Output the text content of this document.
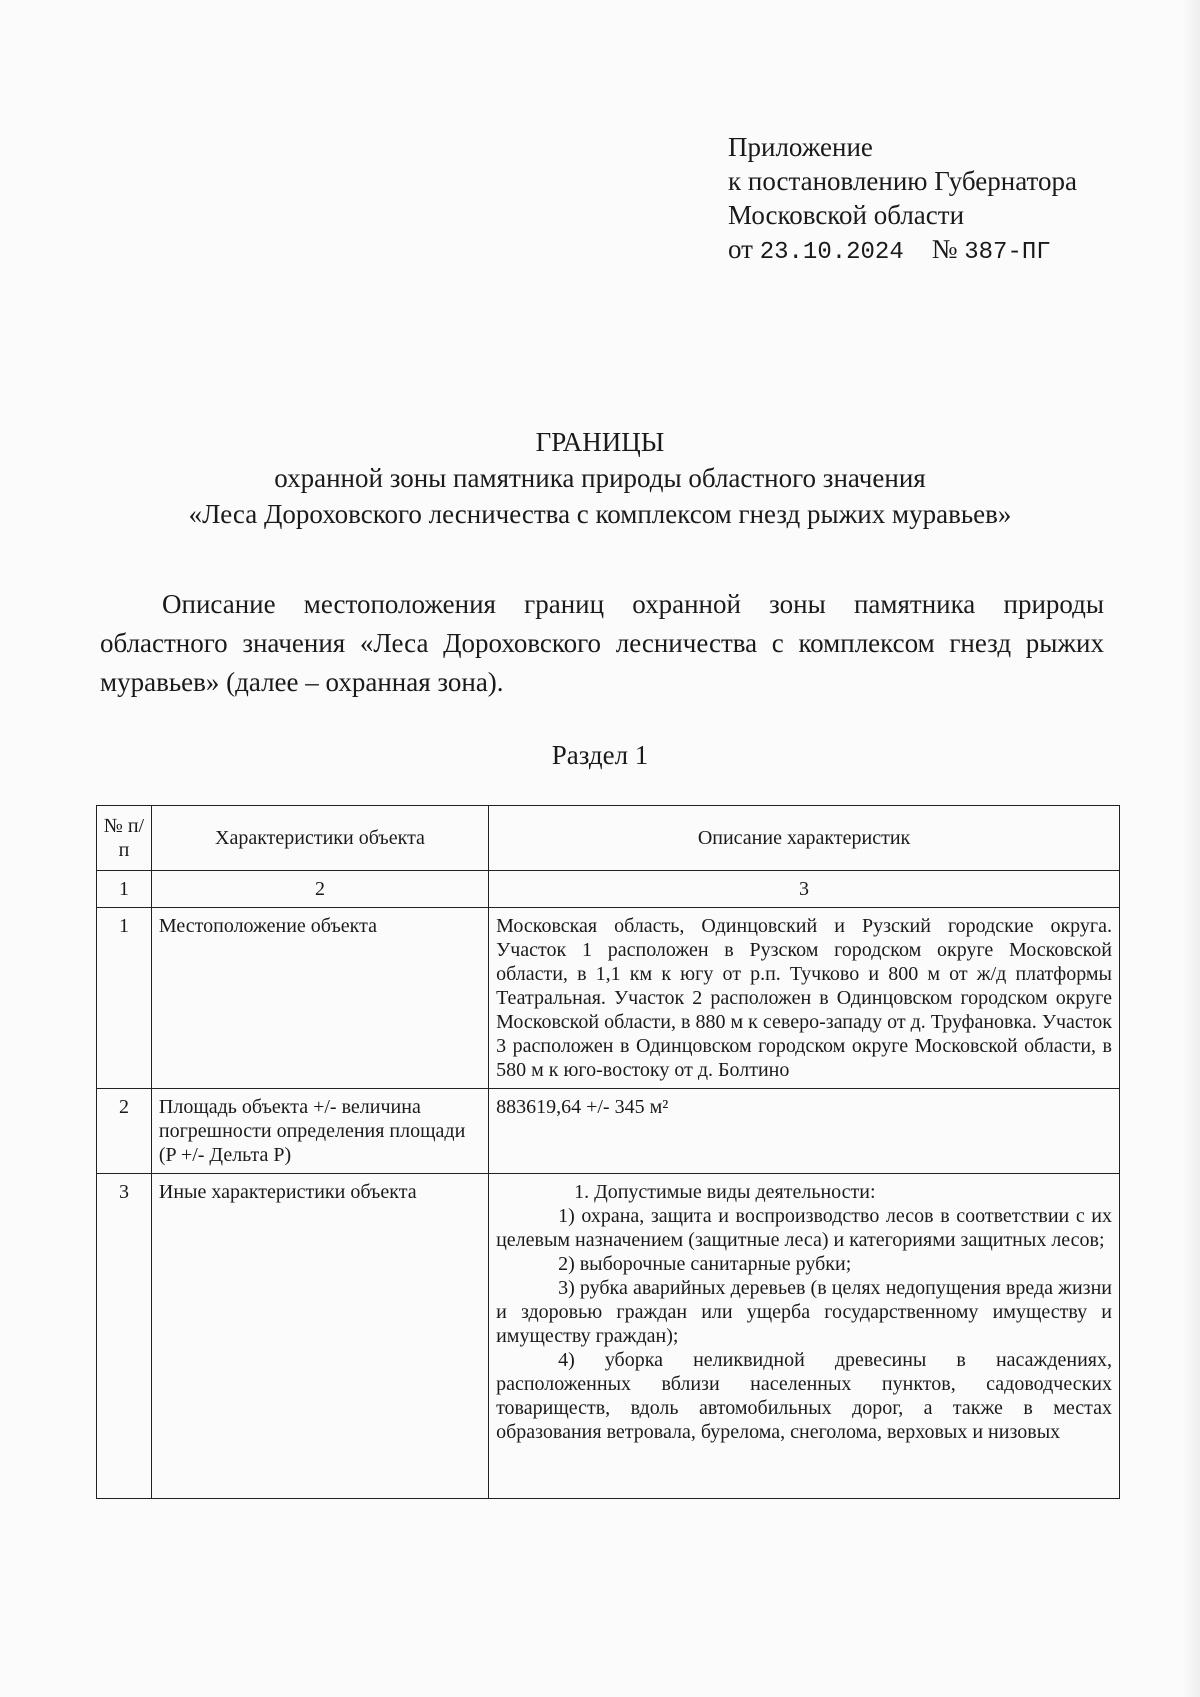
Приложение
к постановлению Губернатора
Московской области
от 23.10.2024 № 387-ПГ
ГРАНИЦЫ
охранной зоны памятника природы областного значения
«Леса Дороховского лесничества с комплексом гнезд рыжих муравьев»
Описание местоположения границ охранной зоны памятника природы областного значения «Леса Дороховского лесничества с комплексом гнезд рыжих муравьев» (далее – охранная зона).
Раздел 1
№ п/п	Характеристики объекта	Описание характеристик
1	2	3
1	Местоположение объекта	Московская область, Одинцовский и Рузский городские округа. Участок 1 расположен в Рузском городском округе Московской области, в 1,1 км к югу от р.п. Тучково и 800 м от ж/д платформы Театральная. Участок 2 расположен в Одинцовском городском округе Московской области, в 880 м к северо-западу от д. Труфановка. Участок 3 расположен в Одинцовском городском округе Московской области, в 580 м к юго-востоку от д. Болтино
2	Площадь объекта +/- величина погрешности определения площади (P +/- Дельта P)	883619,64 +/- 345 м²
3	Иные характеристики объекта	1. Допустимые виды деятельности:
1) охрана, защита и воспроизводство лесов в соответствии с их целевым назначением (защитные леса) и категориями защитных лесов;
2) выборочные санитарные рубки;
3) рубка аварийных деревьев (в целях недопущения вреда жизни и здоровью граждан или ущерба государственному имуществу и имуществу граждан);
4) уборка неликвидной древесины в насаждениях, расположенных вблизи населенных пунктов, садоводческих товариществ, вдоль автомобильных дорог, а также в местах образования ветровала, бурелома, снеголома, верховых и низовых
